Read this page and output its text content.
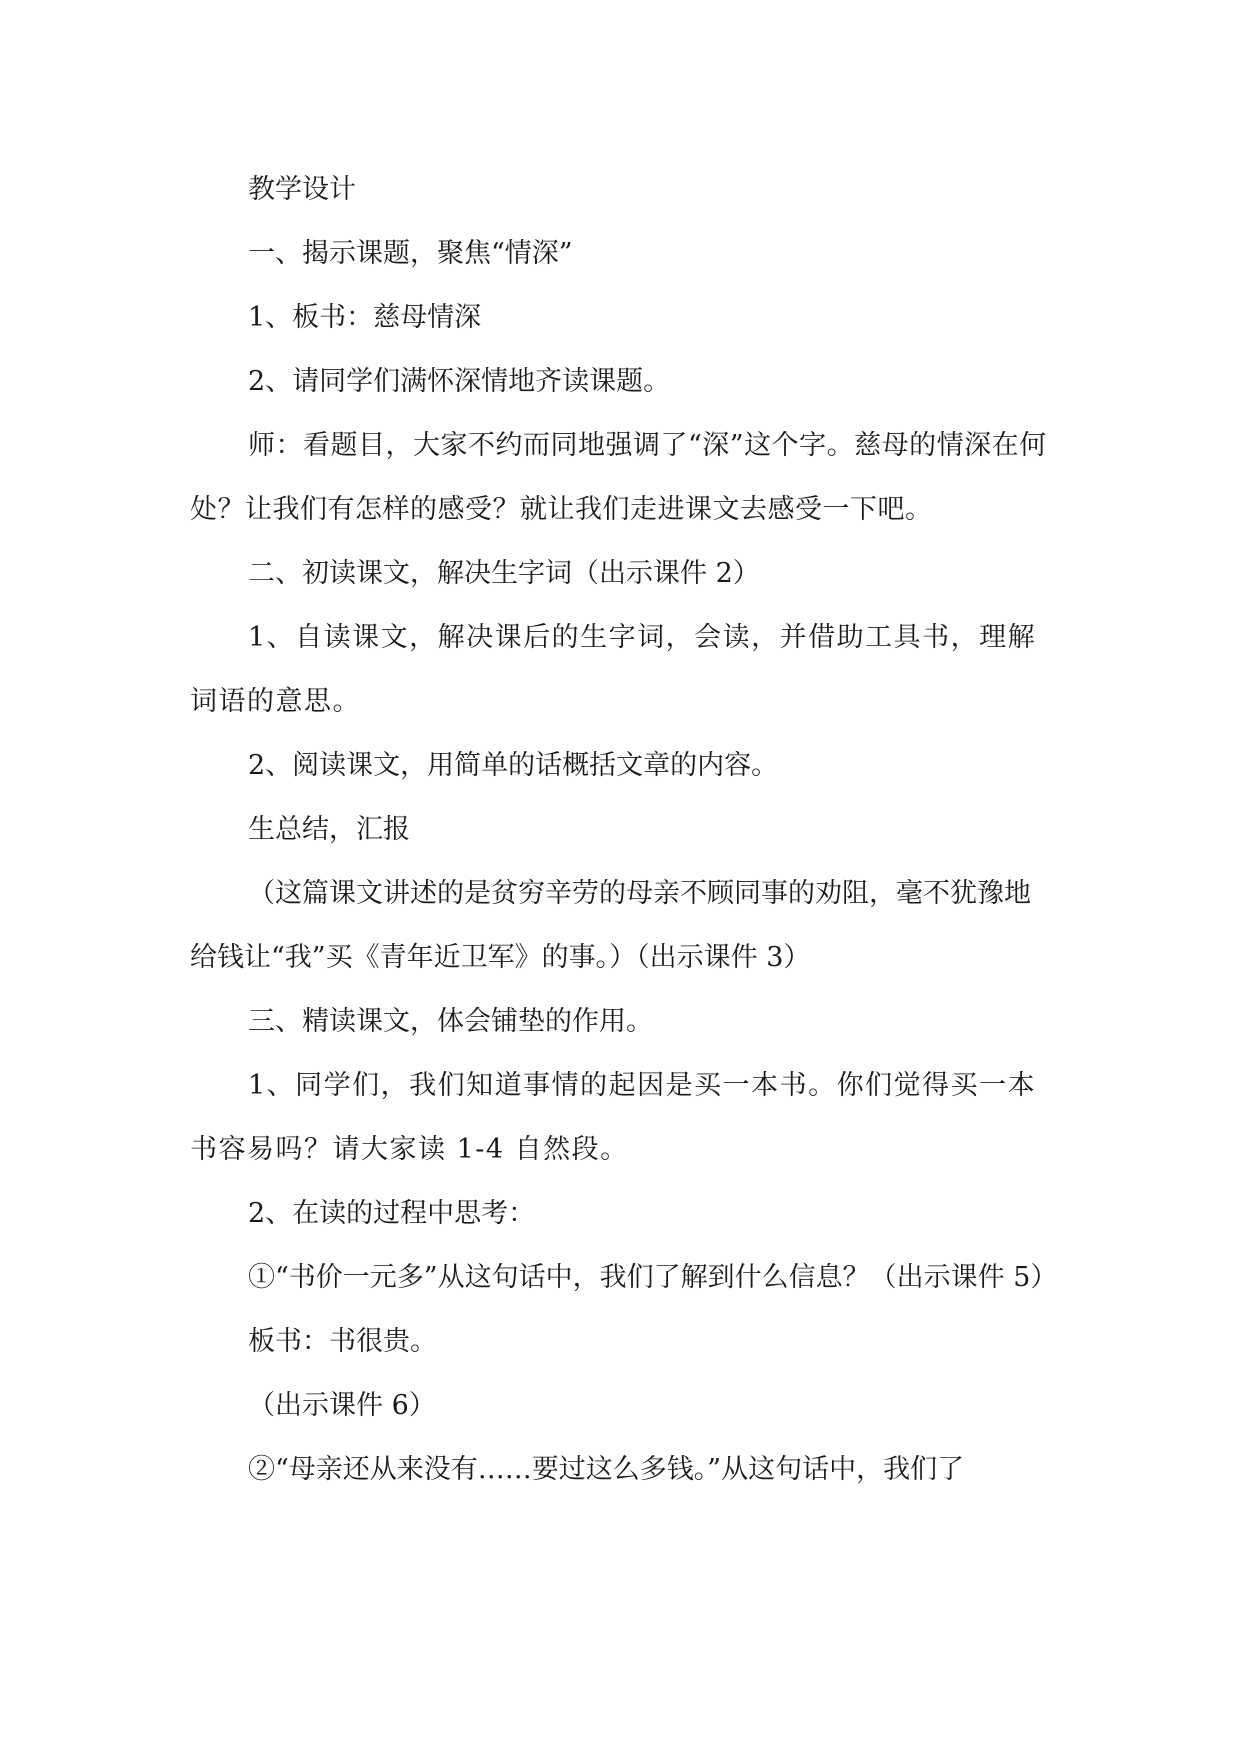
教学设计

一、揭示课题，聚焦“情深”

1、板书：慈母情深

2、请同学们满怀深情地齐读课题。

师：看题目，大家不约而同地强调了“深”这个字。慈母的情深在何处？让我们有怎样的感受？就让我们走进课文去感受一下吧。

二、初读课文，解决生字词（出示课件 2）

1、自读课文，解决课后的生字词，会读，并借助工具书，理解词语的意思。

2、阅读课文，用简单的话概括文章的内容。

生总结，汇报

（这篇课文讲述的是贫穷辛劳的母亲不顾同事的劝阻，毫不犹豫地给钱让“我”买《青年近卫军》的事。）（出示课件 3）

三、精读课文，体会铺垫的作用。

1、同学们，我们知道事情的起因是买一本书。你们觉得买一本书容易吗？请大家读 1-4 自然段。

2、在读的过程中思考：

①“书价一元多”从这句话中，我们了解到什么信息？（出示课件 5）

板书：书很贵。

（出示课件 6）

②“母亲还从来没有……要过这么多钱。”从这句话中，我们了
